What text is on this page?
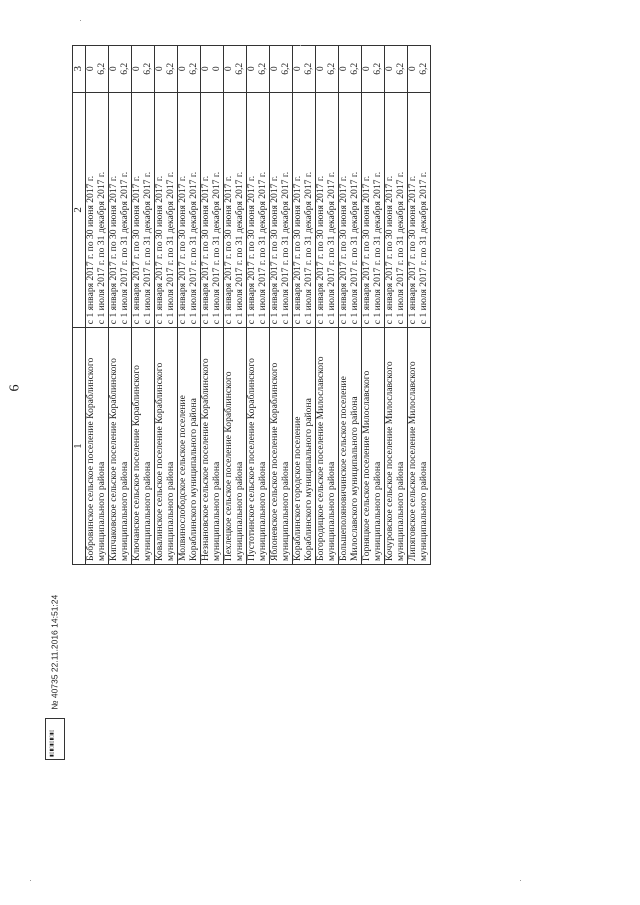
6
1	2	3

Бобровинское сельское поселение Кораблинского муниципального района	с 1 января 2017 г. по 30 июня 2017 г. с 1 июля 2017 г. по 31 декабря 2017 г.	0 6,2

Кипчаковское сельское поселение Кораблинского муниципального района	с 1 января 2017 г. по 30 июня 2017 г. с 1 июля 2017 г. по 31 декабря 2017 г.	0 6,2

Ключанское сельское поселение Кораблинского муниципального района	с 1 января 2017 г. по 30 июня 2017 г. с 1 июля 2017 г. по 31 декабря 2017 г.	0 6,2

Ковалинское сельское поселение Кораблинского муниципального района	с 1 января 2017 г. по 30 июня 2017 г. с 1 июля 2017 г. по 31 декабря 2017 г.	0 6,2

Молвинослободское сельское поселение Кораблинского муниципального района	с 1 января 2017 г. по 30 июня 2017 г. с 1 июля 2017 г. по 31 декабря 2017 г.	0 6,2

Незнановское сельское поселение Кораблинского муниципального района	с 1 января 2017 г. по 30 июня 2017 г. с 1 июля 2017 г. по 31 декабря 2017 г.	0 0

Пехлецкое сельское поселение Кораблинского муниципального района	с 1 января 2017 г. по 30 июня 2017 г. с 1 июля 2017 г. по 31 декабря 2017 г.	0 6,2

Пустотинское сельское поселение Кораблинского муниципального района	с 1 января 2017 г. по 30 июня 2017 г. с 1 июля 2017 г. по 31 декабря 2017 г.	0 6,2

Яблоневское сельское поселение Кораблинского муниципального района	с 1 января 2017 г. по 30 июня 2017 г. с 1 июля 2017 г. по 31 декабря 2017 г.	0 6,2

Кораблинское городское поселение Кораблинского муниципального района	с 1 января 2017 г. по 30 июня 2017 г. с 1 июля 2017 г. по 31 декабря 2017 г.	0 6,2

Богородицкое сельское поселение Милославского муниципального района	с 1 января 2017 г. по 30 июня 2017 г. с 1 июля 2017 г. по 31 декабря 2017 г.	0 6,2

Большеполяновичинское сельское поселение Милославского муниципального района	с 1 января 2017 г. по 30 июня 2017 г. с 1 июля 2017 г. по 31 декабря 2017 г.	0 6,2

Горняцкое сельское поселение Милославского муниципального района	с 1 января 2017 г. по 30 июня 2017 г. с 1 июля 2017 г. по 31 декабря 2017 г.	0 6,2

Кочуровское сельское поселение Милославского муниципального района	с 1 января 2017 г. по 30 июня 2017 г. с 1 июля 2017 г. по 31 декабря 2017 г.	0 6,2

Липяговское сельское поселение Милославского муниципального района	с 1 января 2017 г. по 30 июня 2017 г. с 1 июля 2017 г. по 31 декабря 2017 г.	0 6,2
▮▯▮▯▮▯▮▯▮▯
№ 40735 22.11.2016 14:51:24
